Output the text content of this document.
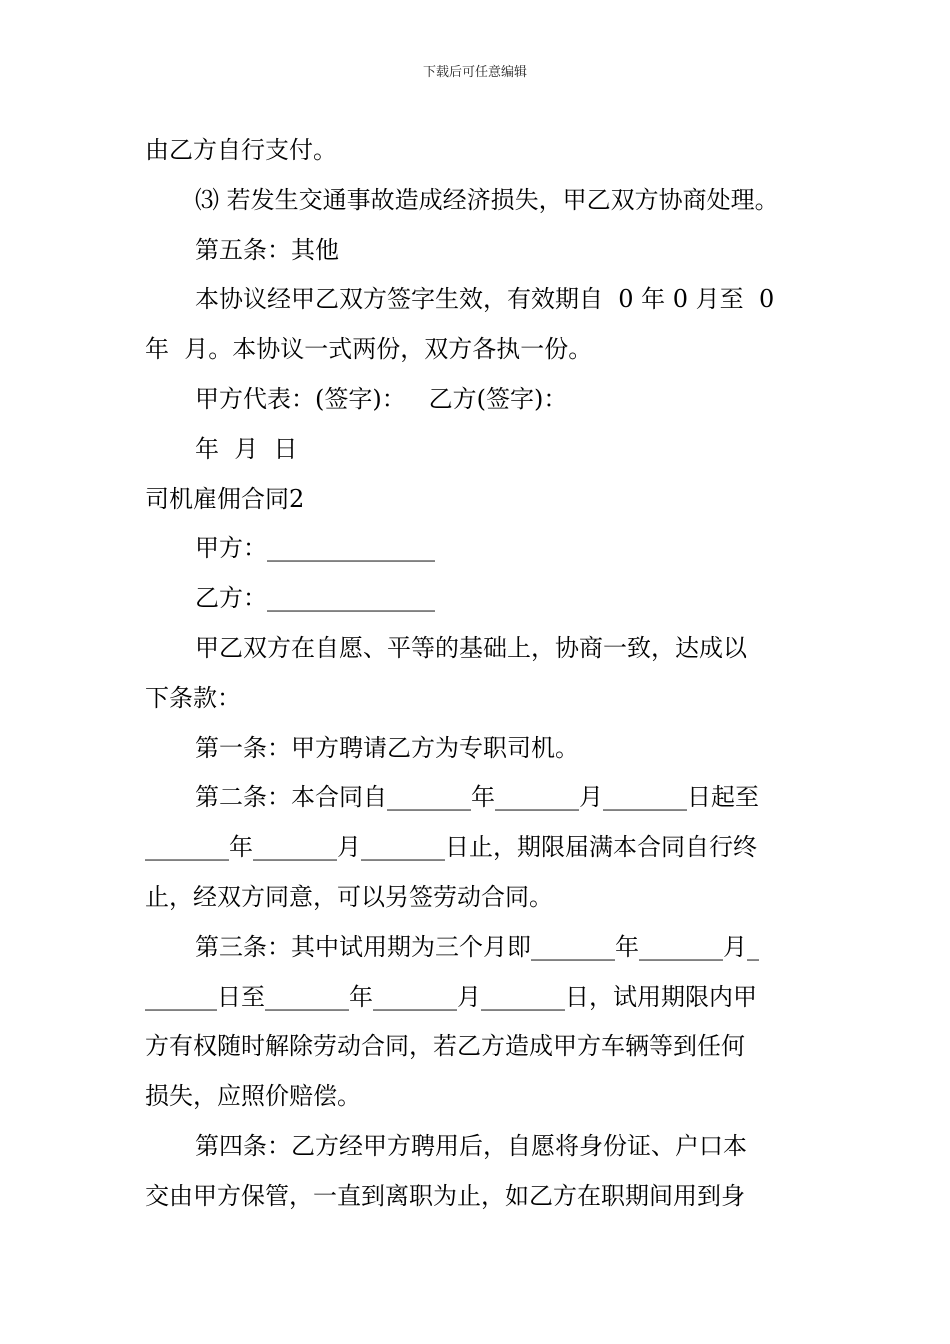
下载后可任意编辑
由乙方自行支付。
⑶ 若发生交通事故造成经济损失，甲乙双方协商处理。
第五条：其他
本协议经甲乙双方签字生效，有效期自  0 年 0 月至  0
年  月。本协议一式两份，双方各执一份。
甲方代表：(签字)：   乙方(签字)：
年  月  日
司机雇佣合同2
甲方：______________
乙方：______________
甲乙双方在自愿、平等的基础上，协商一致，达成以
下条款：
第一条：甲方聘请乙方为专职司机。
第二条：本合同自_______年_______月_______日起至
_______年_______月_______日止，期限届满本合同自行终
止，经双方同意，可以另签劳动合同。
第三条：其中试用期为三个月即_______年_______月_
______日至_______年_______月_______日，试用期限内甲
方有权随时解除劳动合同，若乙方造成甲方车辆等到任何
损失，应照价赔偿。
第四条：乙方经甲方聘用后，自愿将身份证、户口本
交由甲方保管，一直到离职为止，如乙方在职期间用到身
